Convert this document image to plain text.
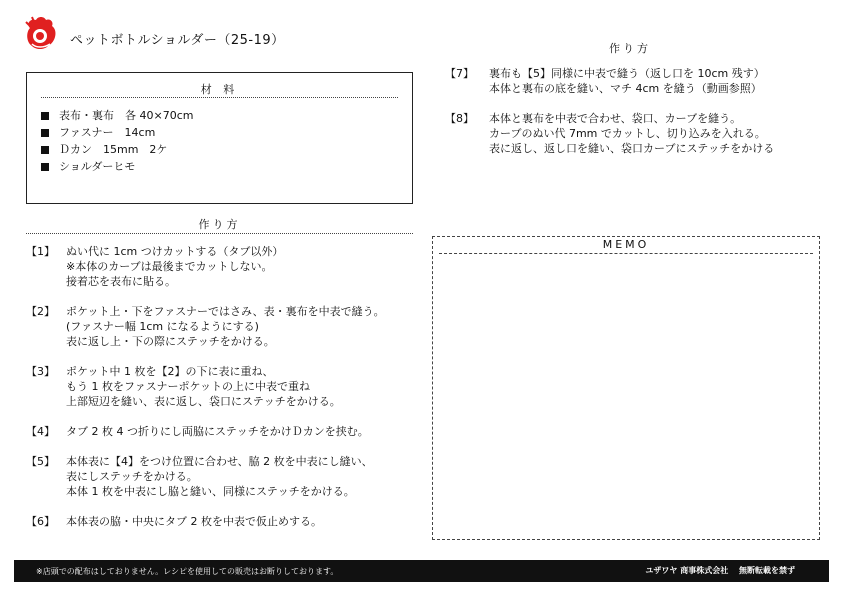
ペットボトルショルダー（25-19）
材 料
表布・裏布　各 40×70cm
ファスナー　14cm
Ｄカン　15mm　2ケ
ショルダーヒモ
作り方
【1】	ぬい代に 1cm つけカットする（タブ以外）
※本体のカーブは最後までカットしない。
接着芯を表布に貼る。
【2】	ポケット上・下をファスナーではさみ、表・裏布を中表で縫う。
(ファスナー幅 1cm になるようにする)
表に返し上・下の際にステッチをかける。
【3】	ポケット中 1 枚を【2】の下に表に重ね、
もう 1 枚をファスナーポケットの上に中表で重ね
上部短辺を縫い、表に返し、袋口にステッチをかける。
【4】	タブ 2 枚 4 つ折りにし両脇にステッチをかけＤカンを挟む。
【5】	本体表に【4】をつけ位置に合わせ、脇 2 枚を中表にし縫い、
表にしステッチをかける。
本体 1 枚を中表にし脇と縫い、同様にステッチをかける。
【6】	本体表の脇・中央にタブ 2 枚を中表で仮止めする。
作り方
【7】	裏布も【5】同様に中表で縫う（返し口を 10cm 残す）
本体と裏布の底を縫い、マチ 4cm を縫う（動画参照）
【8】	本体と裏布を中表で合わせ、袋口、カーブを縫う。
カーブのぬい代 7mm でカットし、切り込みを入れる。
表に返し、返し口を縫い、袋口カーブにステッチをかける
MEMO
※店頭での配布はしておりません。レシピを使用しての販売はお断りしております。	ユザワヤ 商事株式会社　 無断転載を禁ず
